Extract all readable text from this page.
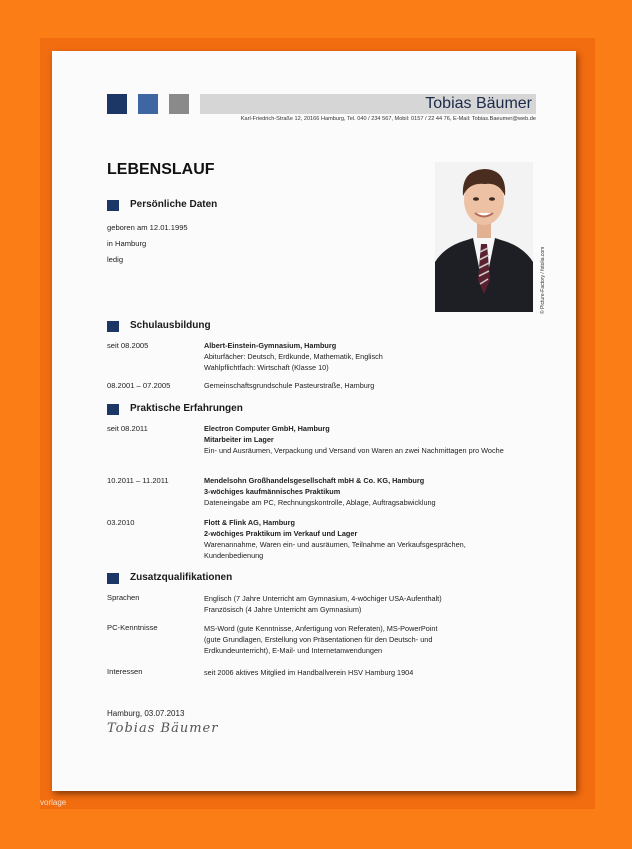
Tobias Bäumer
Karl-Friedrich-Straße 12, 20166 Hamburg, Tel. 040 / 234 567, Mobil: 0157 / 22 44 76, E-Mail: Tobias.Baeumer@web.de
LEBENSLAUF
Persönliche Daten
geboren am 12.01.1995
in Hamburg
ledig	© Picture-Factory / fotolia.com
Schulausbildung
seit 08.2005	Albert-Einstein-Gymnasium, Hamburg
Abiturfächer: Deutsch, Erdkunde, Mathematik, Englisch
Wahlpflichtfach: Wirtschaft (Klasse 10)
08.2001 – 07.2005	Gemeinschaftsgrundschule Pasteurstraße, Hamburg
Praktische Erfahrungen
seit 08.2011	Electron Computer GmbH, Hamburg
Mitarbeiter im Lager
Ein- und Ausräumen, Verpackung und Versand von Waren an zwei Nachmittagen pro Woche
10.2011 – 11.2011	Mendelsohn Großhandelsgesellschaft mbH & Co. KG, Hamburg
3-wöchiges kaufmännisches Praktikum
Dateneingabe am PC, Rechnungskontrolle, Ablage, Auftragsabwicklung
03.2010	Flott & Flink AG, Hamburg
2-wöchiges Praktikum im Verkauf und Lager
Warenannahme, Waren ein- und ausräumen, Teilnahme an Verkaufsgesprächen, Kundenbedienung
Zusatzqualifikationen
Sprachen	Englisch (7 Jahre Unterricht am Gymnasium, 4-wöchiger USA-Aufenthalt)
Französisch (4 Jahre Unterricht am Gymnasium)
PC-Kenntnisse	MS-Word (gute Kenntnisse, Anfertigung von Referaten), MS-PowerPoint
(gute Grundlagen, Erstellung von Präsentationen für den Deutsch- und
Erdkundeunterricht), E-Mail- und Internetanwendungen
Interessen	seit 2006 aktives Mitglied im Handballverein HSV Hamburg 1904
Hamburg, 03.07.2013
Tobias Bäumer
vorlage
